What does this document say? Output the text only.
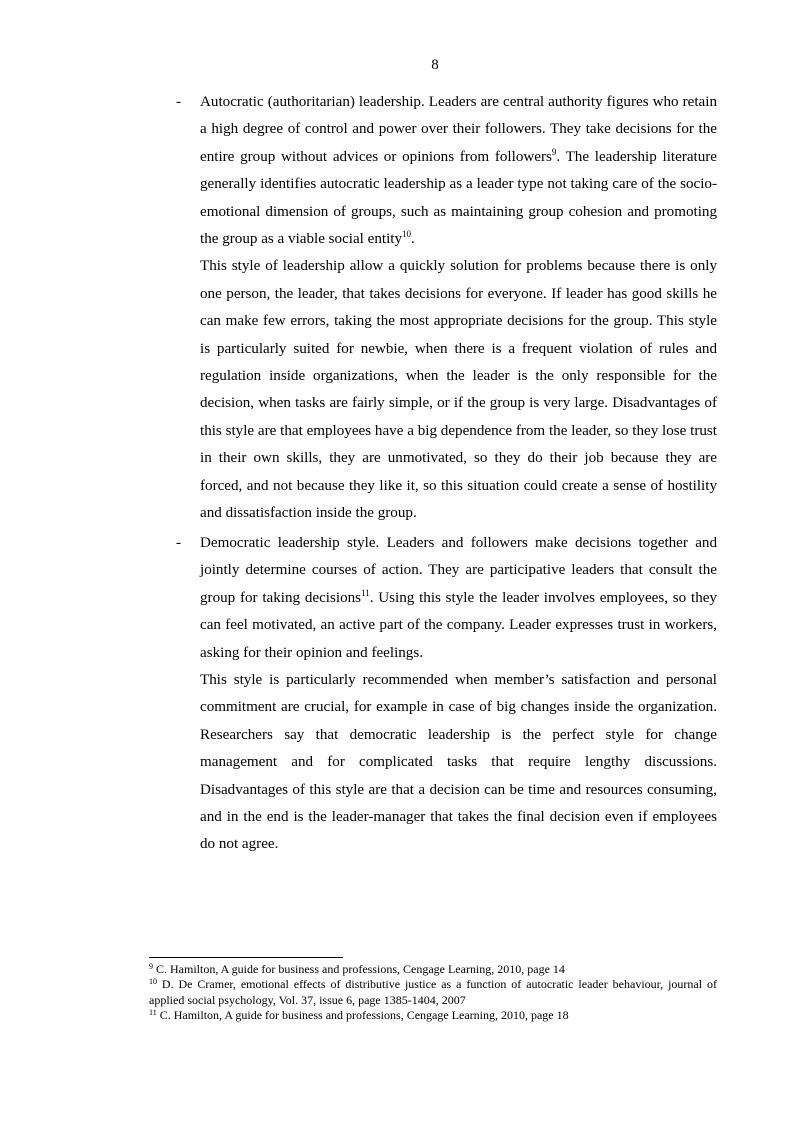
8
- Autocratic (authoritarian) leadership. Leaders are central authority figures who retain a high degree of control and power over their followers. They take decisions for the entire group without advices or opinions from followers$^9$. The leadership literature generally identifies autocratic leadership as a leader type not taking care of the socio-emotional dimension of groups, such as maintaining group cohesion and promoting the group as a viable social entity$^{10}$.

This style of leadership allow a quickly solution for problems because there is only one person, the leader, that takes decisions for everyone. If leader has good skills he can make few errors, taking the most appropriate decisions for the group. This style is particularly suited for newbie, when there is a frequent violation of rules and regulation inside organizations, when the leader is the only responsible for the decision, when tasks are fairly simple, or if the group is very large. Disadvantages of this style are that employees have a big dependence from the leader, so they lose trust in their own skills, they are unmotivated, so they do their job because they are forced, and not because they like it, so this situation could create a sense of hostility and dissatisfaction inside the group.

- Democratic leadership style. Leaders and followers make decisions together and jointly determine courses of action. They are participative leaders that consult the group for taking decisions$^{11}$. Using this style the leader involves employees, so they can feel motivated, an active part of the company. Leader expresses trust in workers, asking for their opinion and feelings.

This style is particularly recommended when member’s satisfaction and personal commitment are crucial, for example in case of big changes inside the organization. Researchers say that democratic leadership is the perfect style for change management and for complicated tasks that require lengthy discussions. Disadvantages of this style are that a decision can be time and resources consuming, and in the end is the leader-manager that takes the final decision even if employees do not agree.

$^9$ C. Hamilton, A guide for business and professions, Cengage Learning, 2010, page 14

$^{10}$ D. De Cramer, emotional effects of distributive justice as a function of autocratic leader behaviour, journal of applied social psychology, Vol. 37, issue 6, page 1385-1404, 2007

$^{11}$ C. Hamilton, A guide for business and professions, Cengage Learning, 2010, page 18
